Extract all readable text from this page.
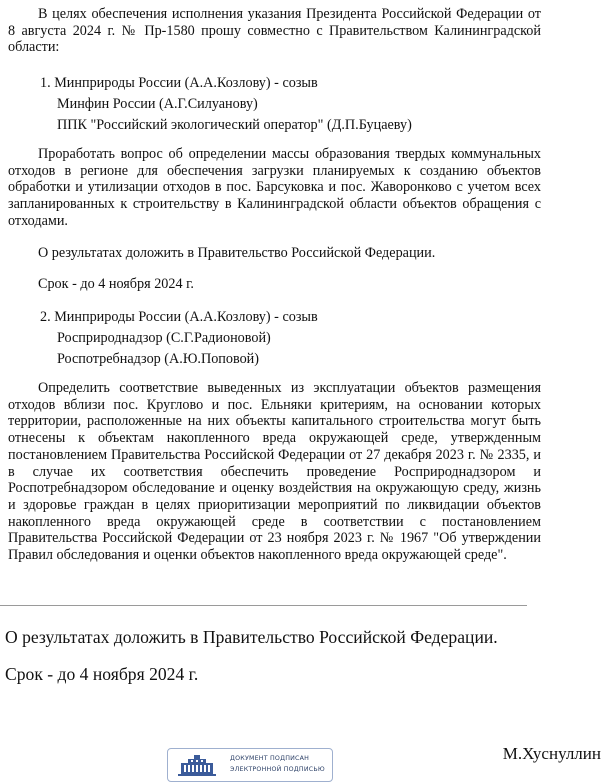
В целях обеспечения исполнения указания Президента Российской Федерации от 8 августа 2024 г. № Пр-1580 прошу совместно с Правительством Калининградской области:

1. Минприроды России (А.А.Козлову) - созыв

Минфин России (А.Г.Силуанову)

ППК "Российский экологический оператор" (Д.П.Буцаеву)

Проработать вопрос об определении массы образования твердых коммунальных отходов в регионе для обеспечения загрузки планируемых к созданию объектов обработки и утилизации отходов в пос. Барсуковка и пос. Жаворонково с учетом всех запланированных к строительству в Калининградской области объектов обращения с отходами.

О результатах доложить в Правительство Российской Федерации.

Срок - до 4 ноября 2024 г.

2. Минприроды России (А.А.Козлову) - созыв

Росприроднадзор (С.Г.Радионовой)

Роспотребнадзор (А.Ю.Поповой)

Определить соответствие выведенных из эксплуатации объектов размещения отходов вблизи пос. Круглово и пос. Ельняки критериям, на основании которых территории, расположенные на них объекты капитального строительства могут быть отнесены к объектам накопленного вреда окружающей среде, утвержденным постановлением Правительства Российской Федерации от 27 декабря 2023 г. № 2335, и в случае их соответствия обеспечить проведение Росприроднадзором и Роспотребнадзором обследование и оценку воздействия на окружающую среду, жизнь и здоровье граждан в целях приоритизации мероприятий по ликвидации объектов накопленного вреда окружающей среде в соответствии с постановлением Правительства Российской Федерации от 23 ноября 2023 г. № 1967 "Об утверждении Правил обследования и оценки объектов накопленного вреда окружающей среде".

О результатах доложить в Правительство Российской Федерации.

Срок - до 4 ноября 2024 г.

ДОКУМЕНТ ПОДПИСАН
ЭЛЕКТРОННОЙ ПОДПИСЬЮ

М.Хуснуллин
